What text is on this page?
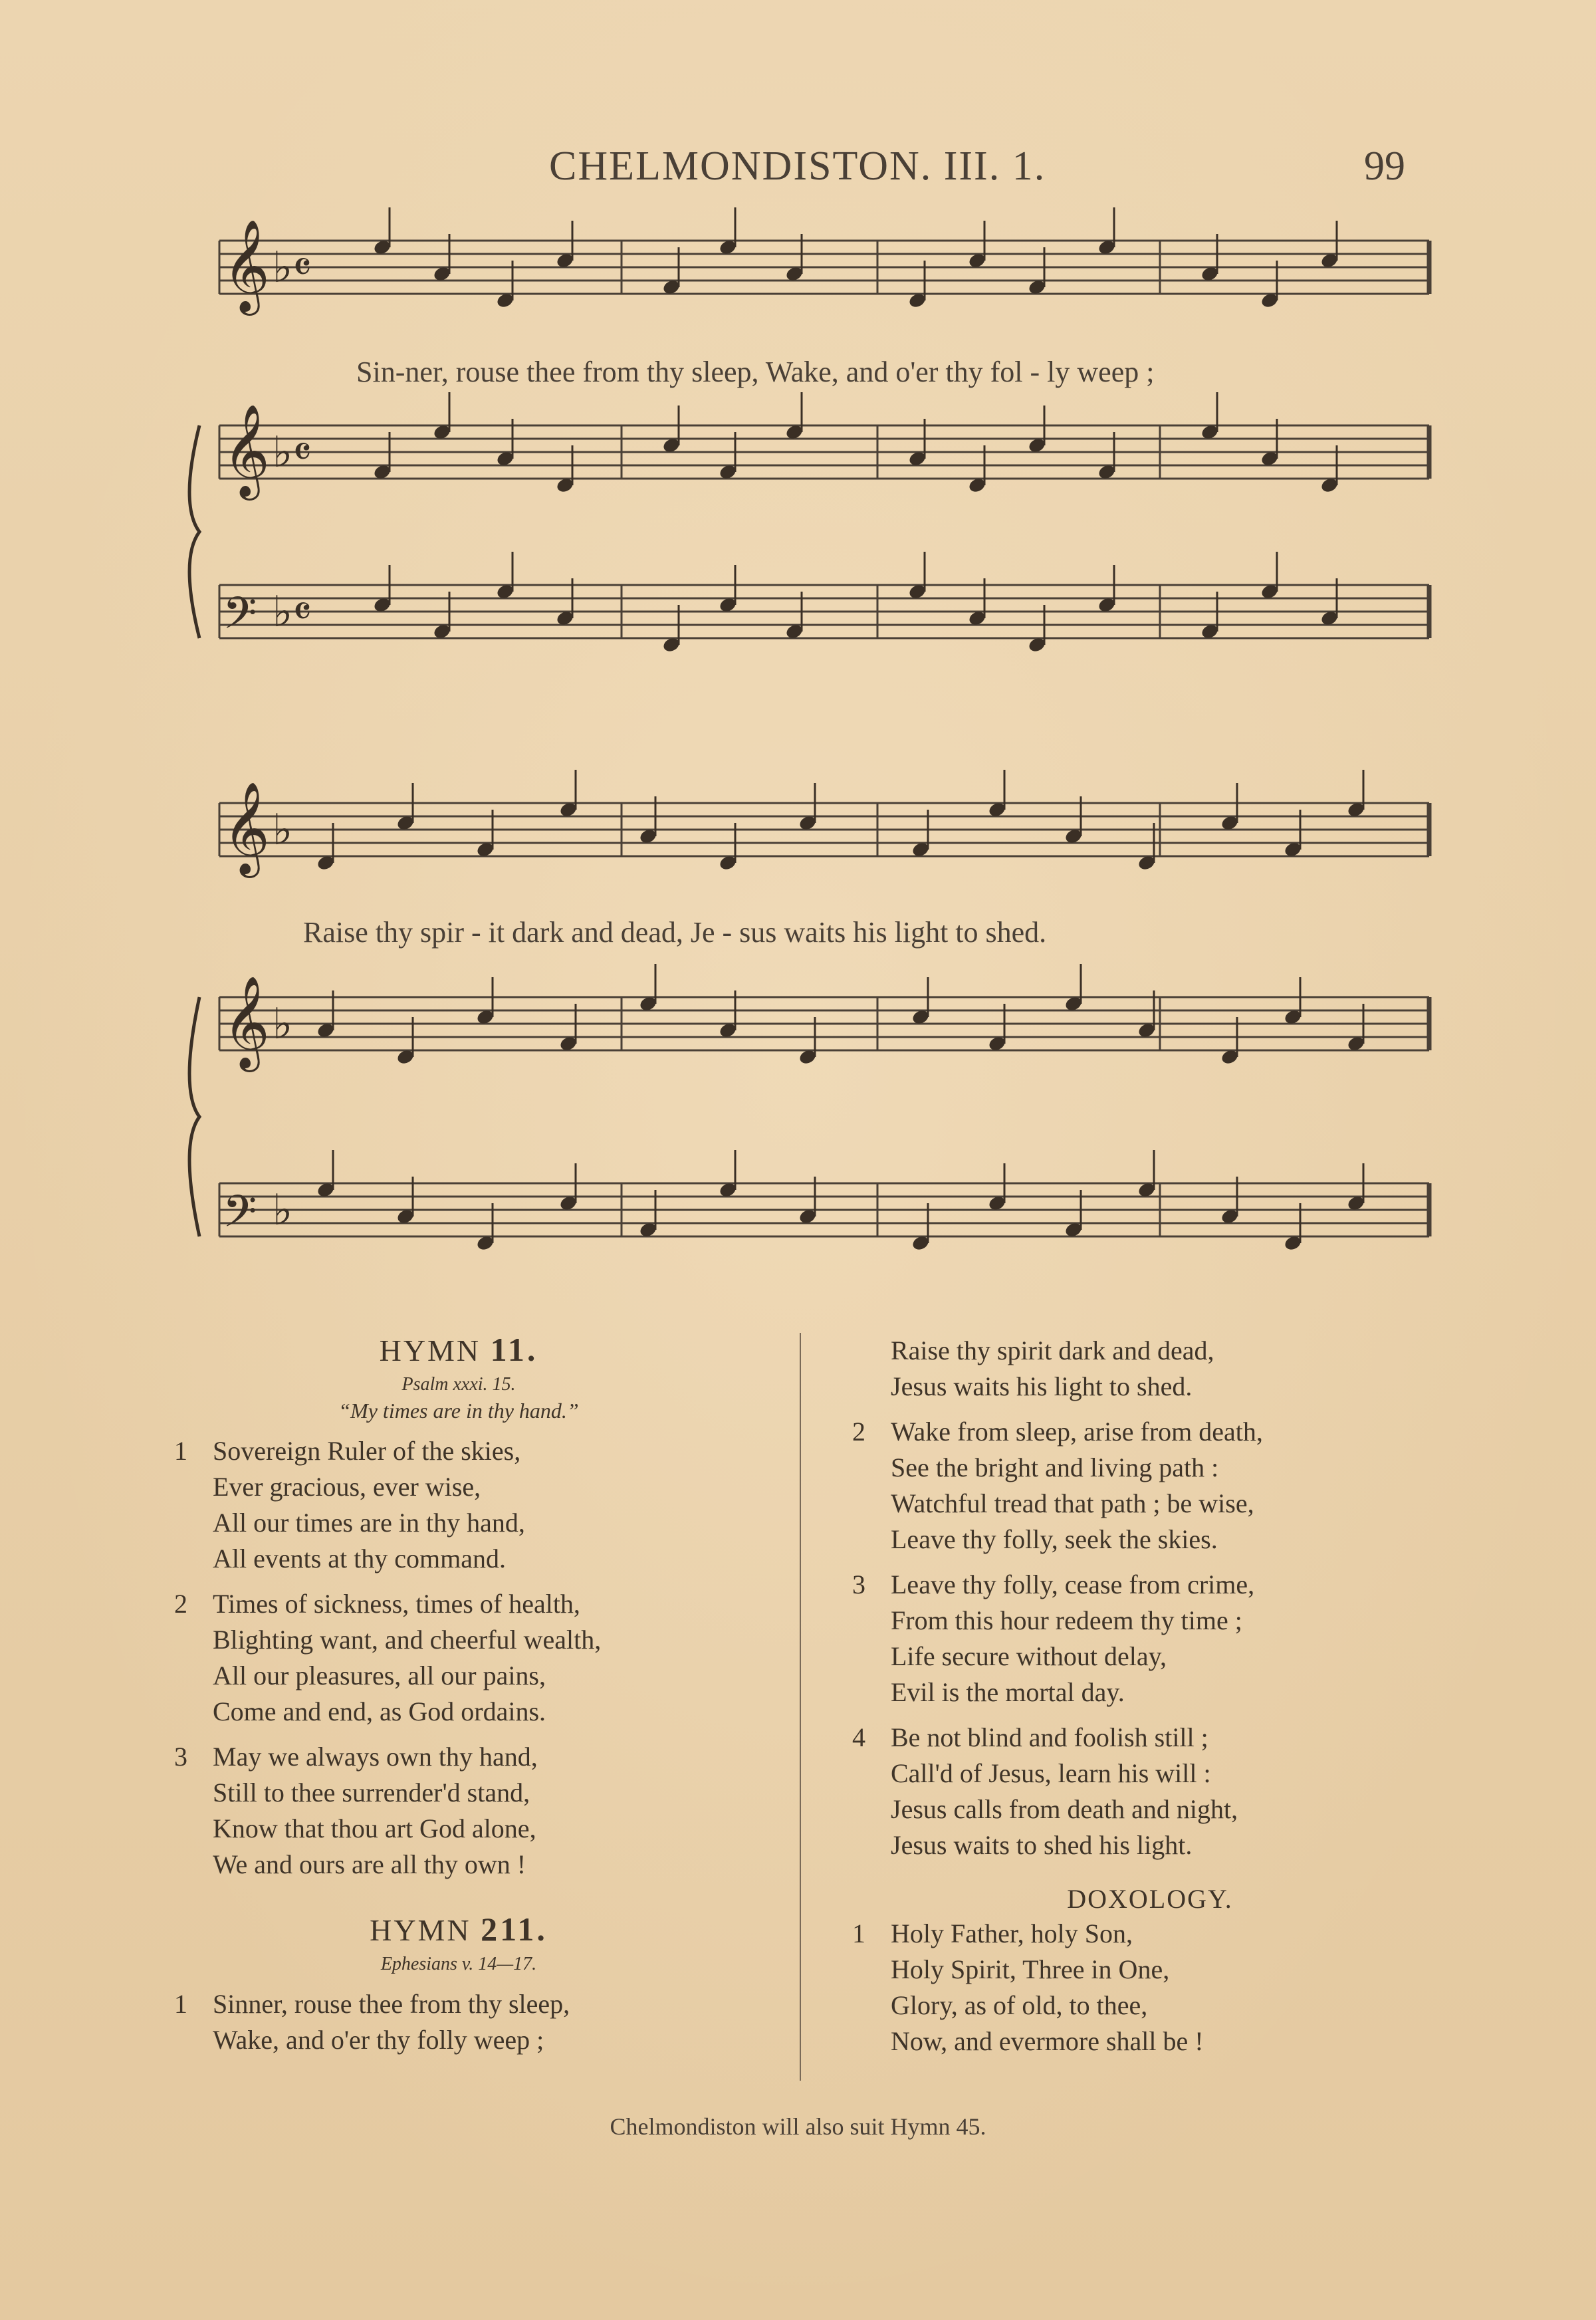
CHELMONDISTON. III. 1.	99
𝄞 ♭𝄴
𝄞 ♭𝄴
𝄢 ♭𝄴
𝄞 ♭
𝄞 ♭
𝄢 ♭
Sin-ner, rouse thee from thy sleep, Wake, and o'er thy fol - ly weep ;
Raise thy spir - it dark and dead, Je - sus waits his light to shed.

HYMN 11.

Psalm xxxi. 15.

“My times are in thy hand.”

1 Sovereign Ruler of the skies,
Ever gracious, ever wise,
All our times are in thy hand,
All events at thy command.
2 Times of sickness, times of health,
Blighting want, and cheerful wealth,
All our pleasures, all our pains,
Come and end, as God ordains.
3 May we always own thy hand,
Still to thee surrender'd stand,
Know that thou art God alone,
We and ours are all thy own !

HYMN 211.

Ephesians v. 14—17.

1 Sinner, rouse thee from thy sleep,
Wake, and o'er thy folly weep ;
Raise thy spirit dark and dead,
Jesus waits his light to shed.
2 Wake from sleep, arise from death,
See the bright and living path :
Watchful tread that path ; be wise,
Leave thy folly, seek the skies.
3 Leave thy folly, cease from crime,
From this hour redeem thy time ;
Life secure without delay,
Evil is the mortal day.
4 Be not blind and foolish still ;
Call'd of Jesus, learn his will :
Jesus calls from death and night,
Jesus waits to shed his light.
DOXOLOGY.
1 Holy Father, holy Son,
Holy Spirit, Three in One,
Glory, as of old, to thee,
Now, and evermore shall be !
Chelmondiston will also suit Hymn 45.
